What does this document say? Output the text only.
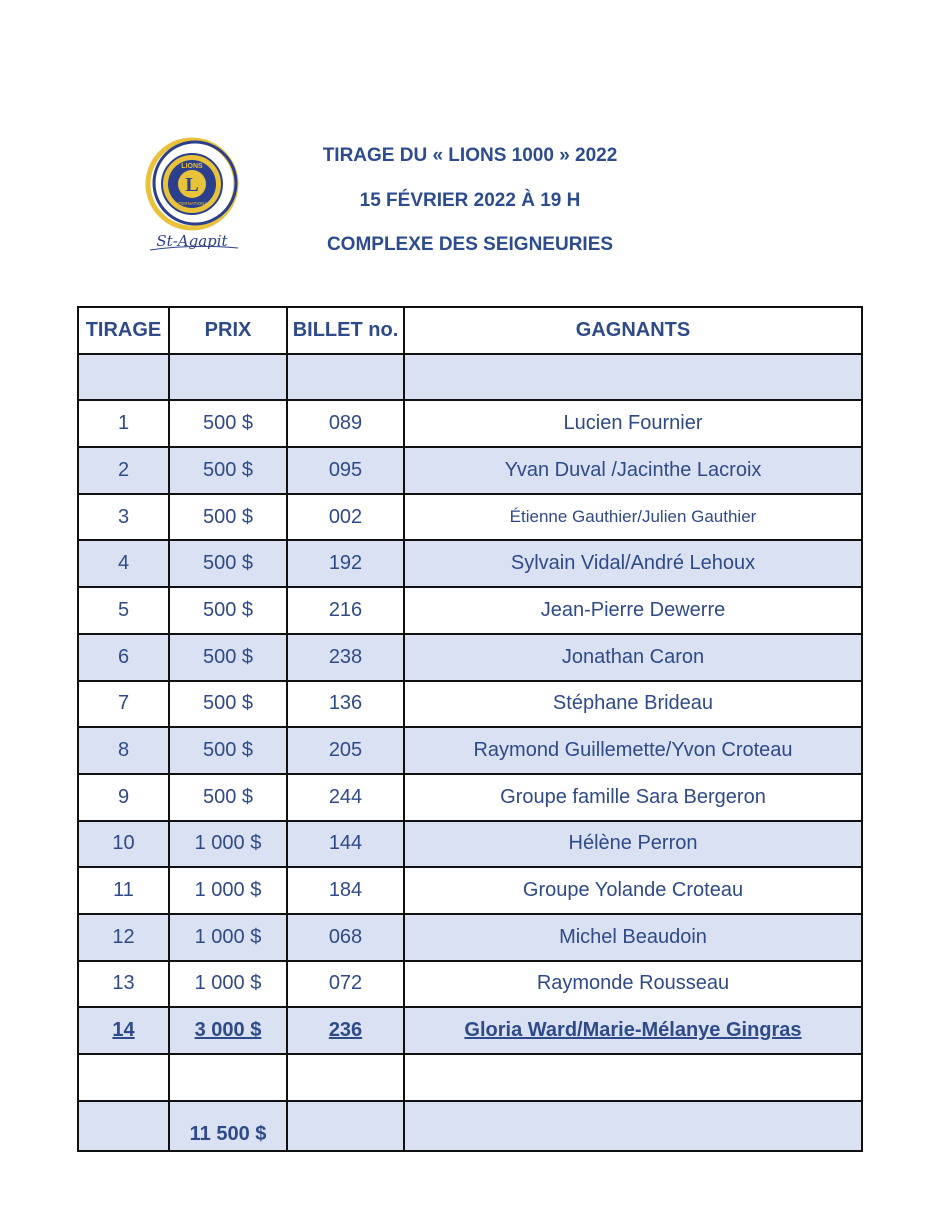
L
LIONS
INTERNATIONAL
St-Agapit
TIRAGE DU « LIONS 1000 » 2022
15 FÉVRIER 2022 À 19 H
COMPLEXE DES SEIGNEURIES
TIRAGE	PRIX	BILLET no.	GAGNANTS

1	500 $	089	Lucien Fournier
2	500 $	095	Yvan Duval /Jacinthe Lacroix
3	500 $	002	Étienne Gauthier/Julien Gauthier
4	500 $	192	Sylvain Vidal/André Lehoux
5	500 $	216	Jean-Pierre Dewerre
6	500 $	238	Jonathan Caron
7	500 $	136	Stéphane Brideau
8	500 $	205	Raymond Guillemette/Yvon Croteau
9	500 $	244	Groupe famille Sara Bergeron
10	1 000 $	144	Hélène Perron
11	1 000 $	184	Groupe Yolande Croteau
12	1 000 $	068	Michel Beaudoin
13	1 000 $	072	Raymonde Rousseau
14	3 000 $	236	Gloria Ward/Marie-Mélanye Gingras

	11 500 $		
